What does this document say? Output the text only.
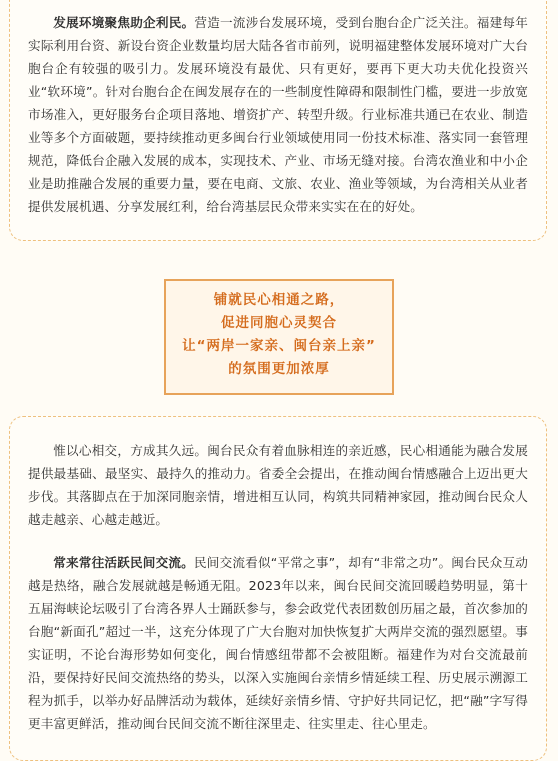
发展环境聚焦助企利民。营造一流涉台发展环境，受到台胞台企广泛关注。福建每年实际利用台资、新设台资企业数量均居大陆各省市前列，说明福建整体发展环境对广大台胞台企有较强的吸引力。发展环境没有最优、只有更好，要再下更大功夫优化投资兴业“软环境”。针对台胞台企在闽发展存在的一些制度性障碍和限制性门槛，要进一步放宽市场准入，更好服务台企项目落地、增资扩产、转型升级。行业标准共通已在农业、制造业等多个方面破题，要持续推动更多闽台行业领域使用同一份技术标准、落实同一套管理规范，降低台企融入发展的成本，实现技术、产业、市场无缝对接。台湾农渔业和中小企业是助推融合发展的重要力量，要在电商、文旅、农业、渔业等领域，为台湾相关从业者提供发展机遇、分享发展红利，给台湾基层民众带来实实在在的好处。

铺就民心相通之路，
促进同胞心灵契合
让“两岸一家亲、闽台亲上亲”
的氛围更加浓厚

惟以心相交，方成其久远。闽台民众有着血脉相连的亲近感，民心相通能为融合发展提供最基础、最坚实、最持久的推动力。省委全会提出，在推动闽台情感融合上迈出更大步伐。其落脚点在于加深同胞亲情，增进相互认同，构筑共同精神家园，推动闽台民众人越走越亲、心越走越近。

常来常往活跃民间交流。民间交流看似“平常之事”，却有“非常之功”。闽台民众互动越是热络，融合发展就越是畅通无阻。2023年以来，闽台民间交流回暖趋势明显，第十五届海峡论坛吸引了台湾各界人士踊跃参与，参会政党代表团数创历届之最，首次参加的台胞“新面孔”超过一半，这充分体现了广大台胞对加快恢复扩大两岸交流的强烈愿望。事实证明，不论台海形势如何变化，闽台情感纽带都不会被阻断。福建作为对台交流最前沿，要保持好民间交流热络的势头，以深入实施闽台亲情乡情延续工程、历史展示溯源工程为抓手，以举办好品牌活动为载体，延续好亲情乡情、守护好共同记忆，把“融”字写得更丰富更鲜活，推动闽台民间交流不断往深里走、往实里走、往心里走。
